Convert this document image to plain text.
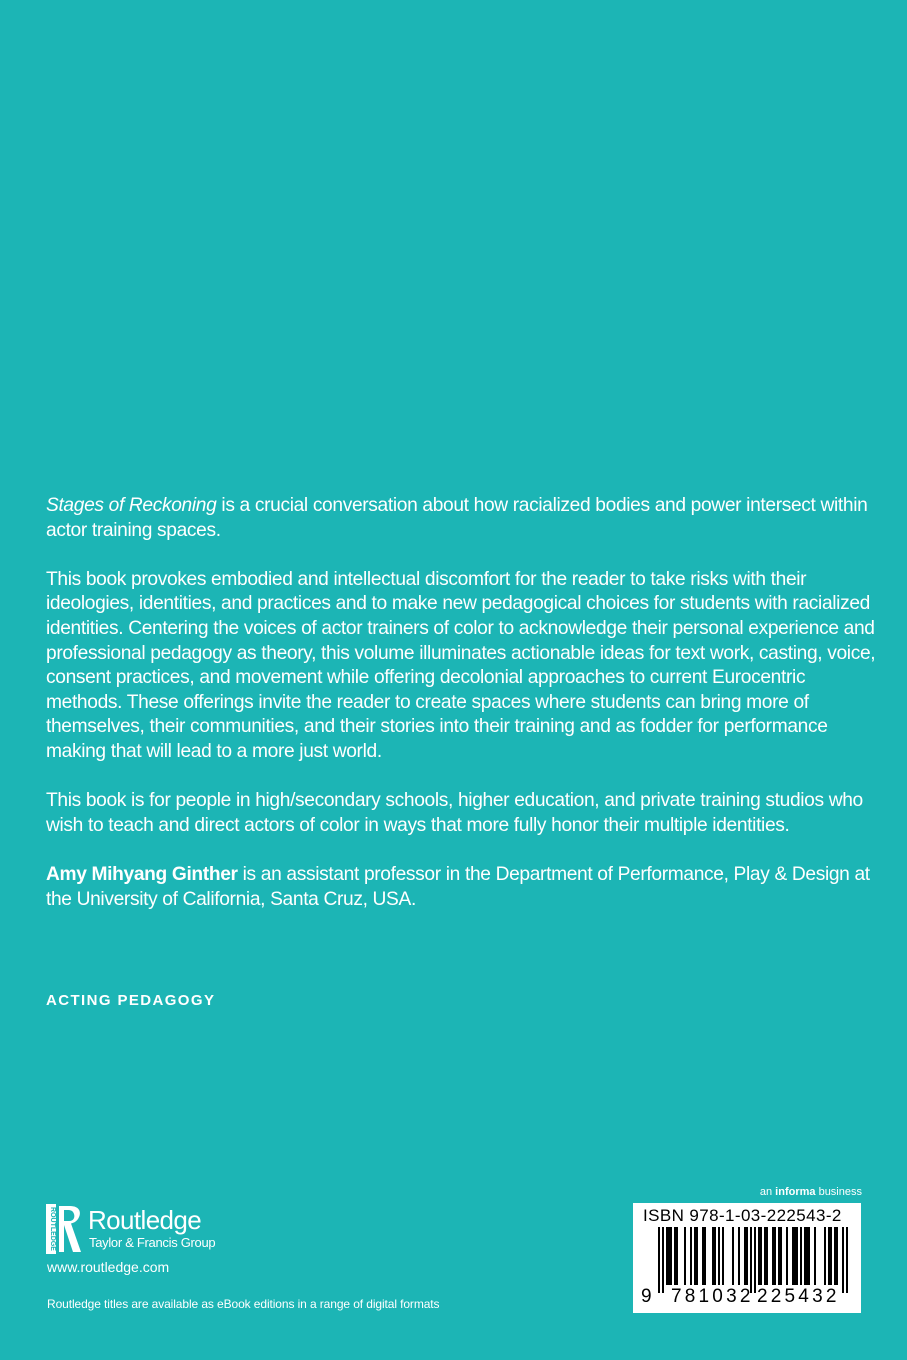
Stages of Reckoning is a crucial conversation about how racialized bodies and power intersect within actor training spaces.

This book provokes embodied and intellectual discomfort for the reader to take risks with their ideologies, identities, and practices and to make new pedagogical choices for students with racialized identities. Centering the voices of actor trainers of color to acknowledge their personal experience and professional pedagogy as theory, this volume illuminates actionable ideas for text work, casting, voice, consent practices, and movement while offering decolonial approaches to current Eurocentric methods. These offerings invite the reader to create spaces where students can bring more of themselves, their communities, and their stories into their training and as fodder for performance making that will lead to a more just world.

This book is for people in high/secondary schools, higher education, and private training studios who wish to teach and direct actors of color in ways that more fully honor their multiple identities.

Amy Mihyang Ginther is an assistant professor in the Department of Performance, Play & Design at the University of California, Santa Cruz, USA.

ACTING PEDAGOGY
ROUTLEDGE Routledge
Taylor & Francis Group
www.routledge.com
Routledge titles are available as eBook editions in a range of digital formats
an informa business
ISBN 978-1-03-222543-2
9 781032 225432
